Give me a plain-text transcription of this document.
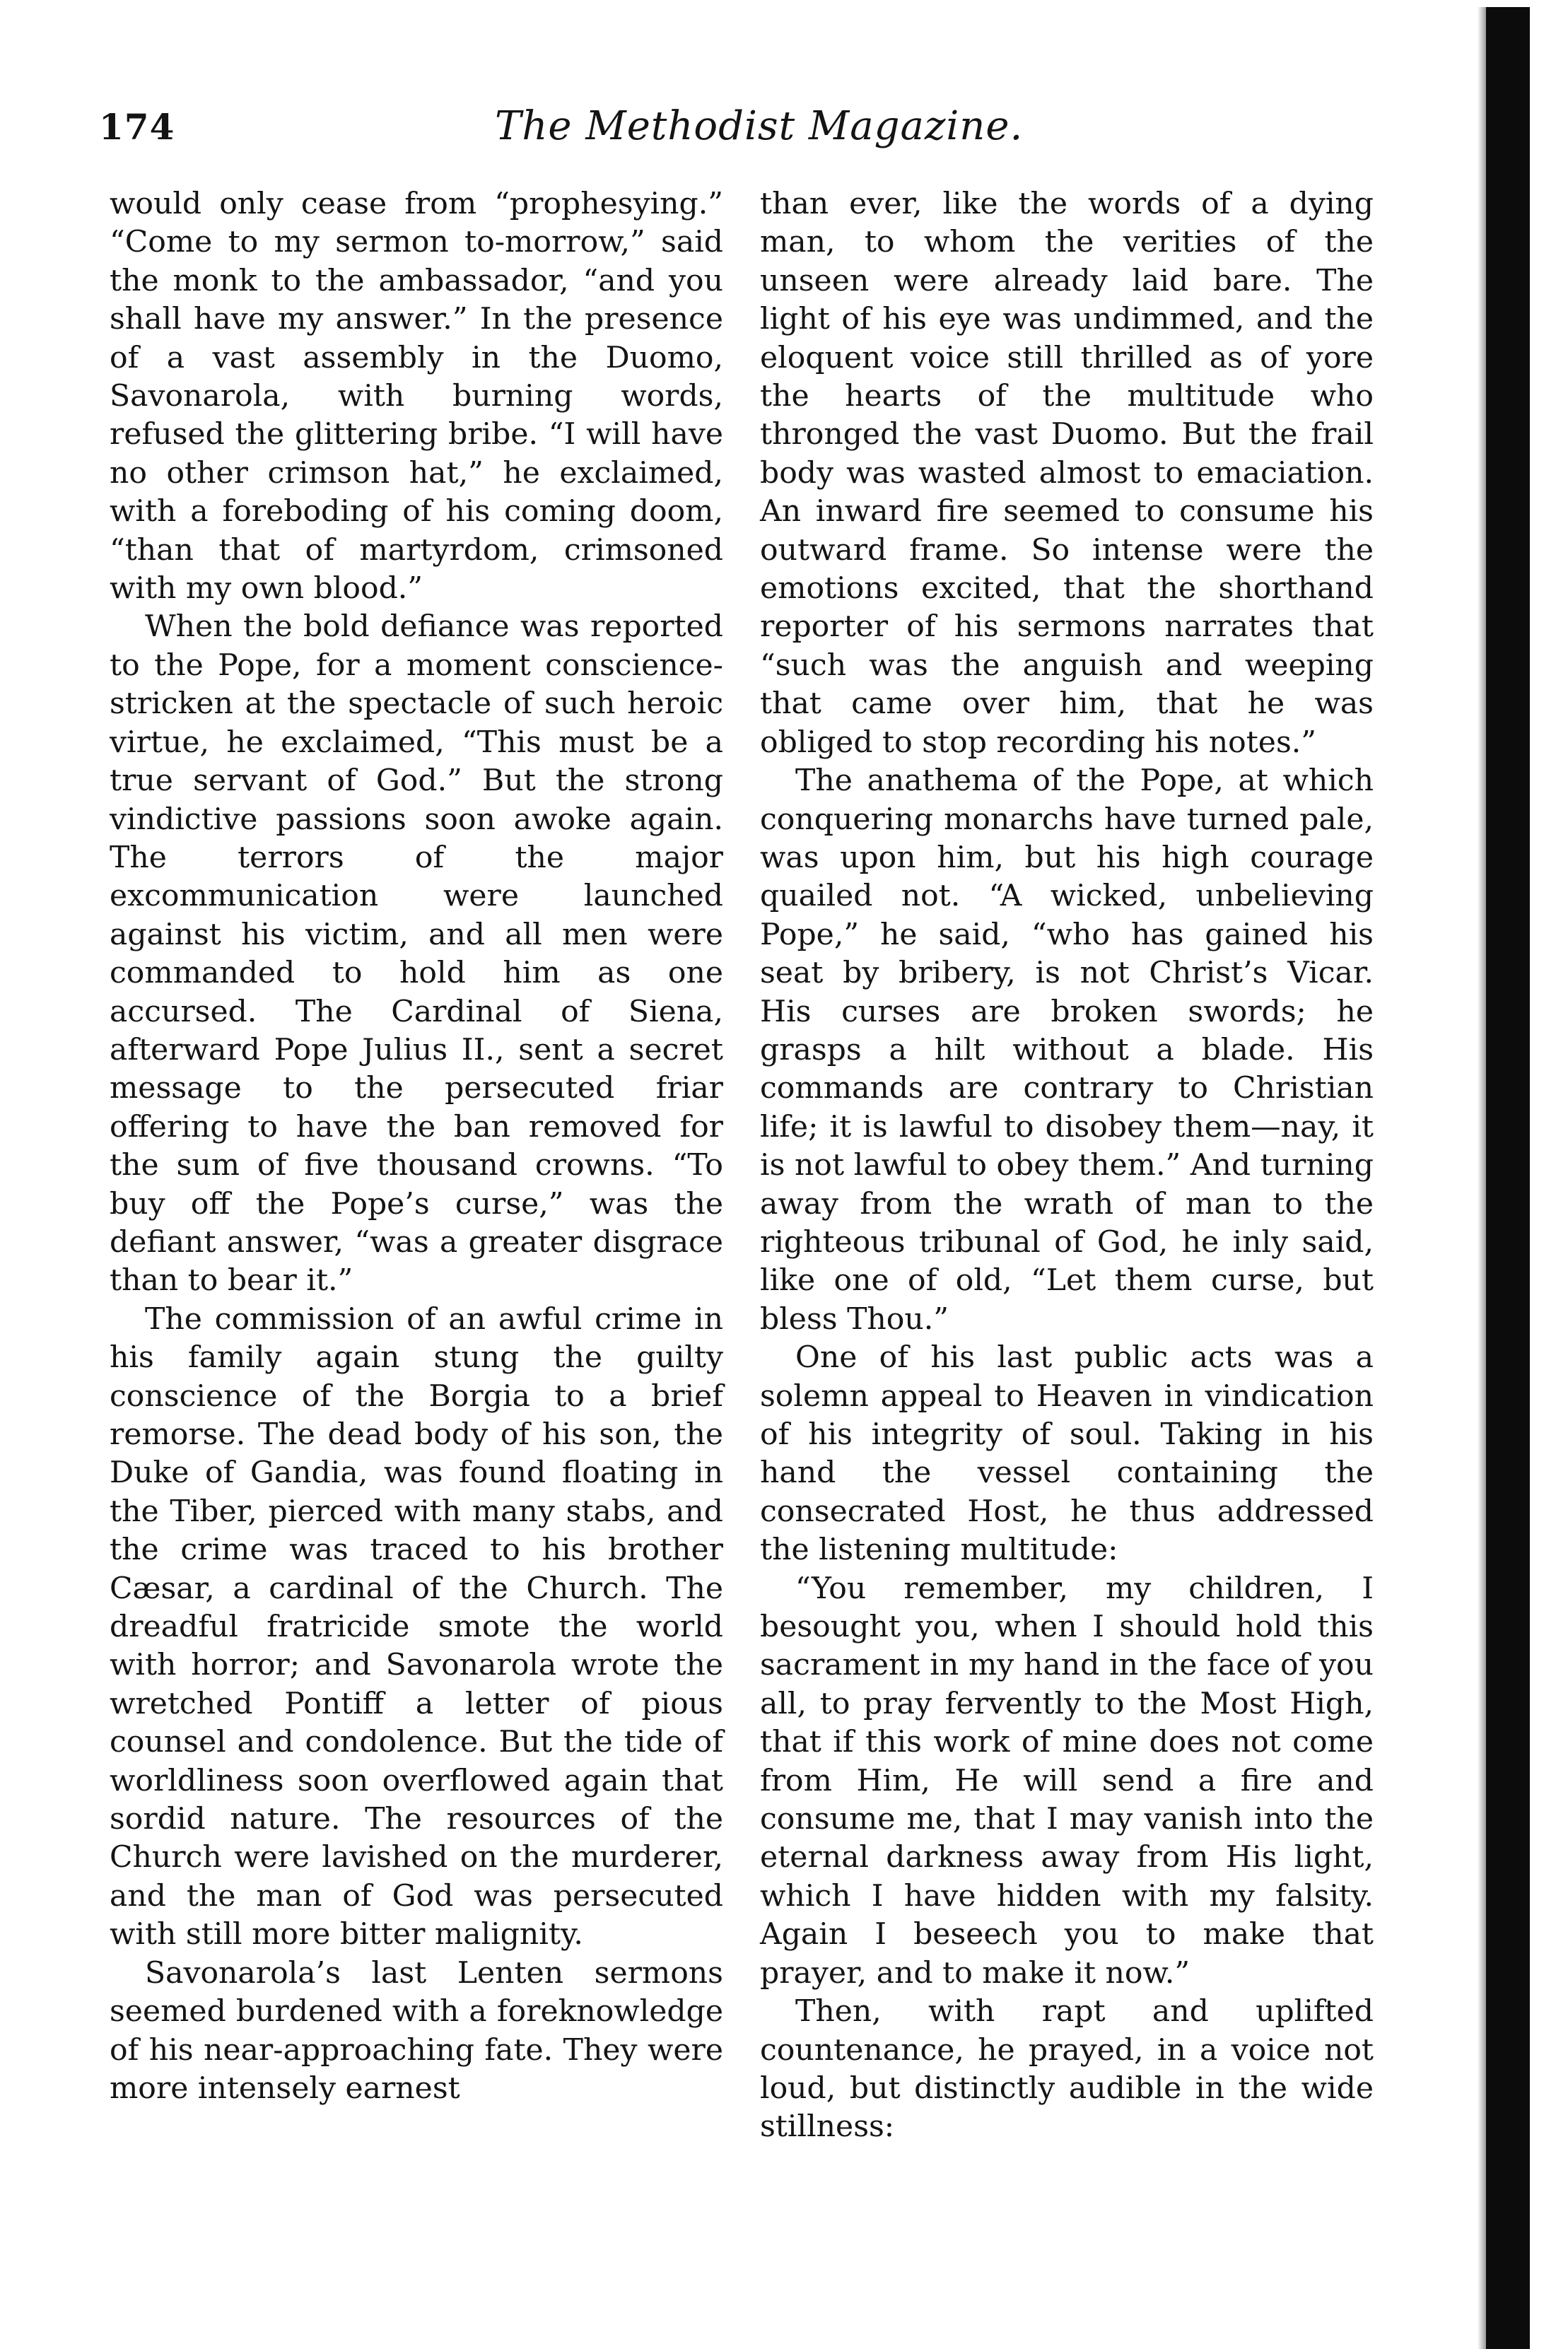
174	The Methodist Magazine.

would only cease from “prophesying.” “Come to my sermon to-morrow,” said the monk to the ambassador, “and you shall have my answer.” In the presence of a vast assembly in the Duomo, Savonarola, with burning words, refused the glittering bribe. “I will have no other crimson hat,” he exclaimed, with a foreboding of his coming doom, “than that of martyrdom, crimsoned with my own blood.”

When the bold defiance was reported to the Pope, for a moment conscience-stricken at the spectacle of such heroic virtue, he exclaimed, “This must be a true servant of God.” But the strong vindictive passions soon awoke again. The terrors of the major excommunication were launched against his victim, and all men were commanded to hold him as one accursed. The Cardinal of Siena, afterward Pope Julius II., sent a secret message to the persecuted friar offering to have the ban removed for the sum of five thousand crowns. “To buy off the Pope’s curse,” was the defiant answer, “was a greater disgrace than to bear it.”

The commission of an awful crime in his family again stung the guilty conscience of the Borgia to a brief remorse. The dead body of his son, the Duke of Gandia, was found floating in the Tiber, pierced with many stabs, and the crime was traced to his brother Cæsar, a cardinal of the Church. The dreadful fratricide smote the world with horror; and Savonarola wrote the wretched Pontiff a letter of pious counsel and condolence. But the tide of worldliness soon overflowed again that sordid nature. The resources of the Church were lavished on the murderer, and the man of God was persecuted with still more bitter malignity.

Savonarola’s last Lenten sermons seemed burdened with a foreknowledge of his near-approaching fate. They were more intensely earnest

than ever, like the words of a dying man, to whom the verities of the unseen were already laid bare. The light of his eye was undimmed, and the eloquent voice still thrilled as of yore the hearts of the multitude who thronged the vast Duomo. But the frail body was wasted almost to emaciation. An inward fire seemed to consume his outward frame. So intense were the emotions excited, that the shorthand reporter of his sermons narrates that “such was the anguish and weeping that came over him, that he was obliged to stop recording his notes.”

The anathema of the Pope, at which conquering monarchs have turned pale, was upon him, but his high courage quailed not. “A wicked, unbelieving Pope,” he said, “who has gained his seat by bribery, is not Christ’s Vicar. His curses are broken swords; he grasps a hilt without a blade. His commands are contrary to Christian life; it is lawful to disobey them—nay, it is not lawful to obey them.” And turning away from the wrath of man to the righteous tribunal of God, he inly said, like one of old, “Let them curse, but bless Thou.”

One of his last public acts was a solemn appeal to Heaven in vindication of his integrity of soul. Taking in his hand the vessel containing the consecrated Host, he thus addressed the listening multitude:

“You remember, my children, I besought you, when I should hold this sacrament in my hand in the face of you all, to pray fervently to the Most High, that if this work of mine does not come from Him, He will send a fire and consume me, that I may vanish into the eternal darkness away from His light, which I have hidden with my falsity. Again I beseech you to make that prayer, and to make it now.”

Then, with rapt and uplifted countenance, he prayed, in a voice not loud, but distinctly audible in the wide stillness:
